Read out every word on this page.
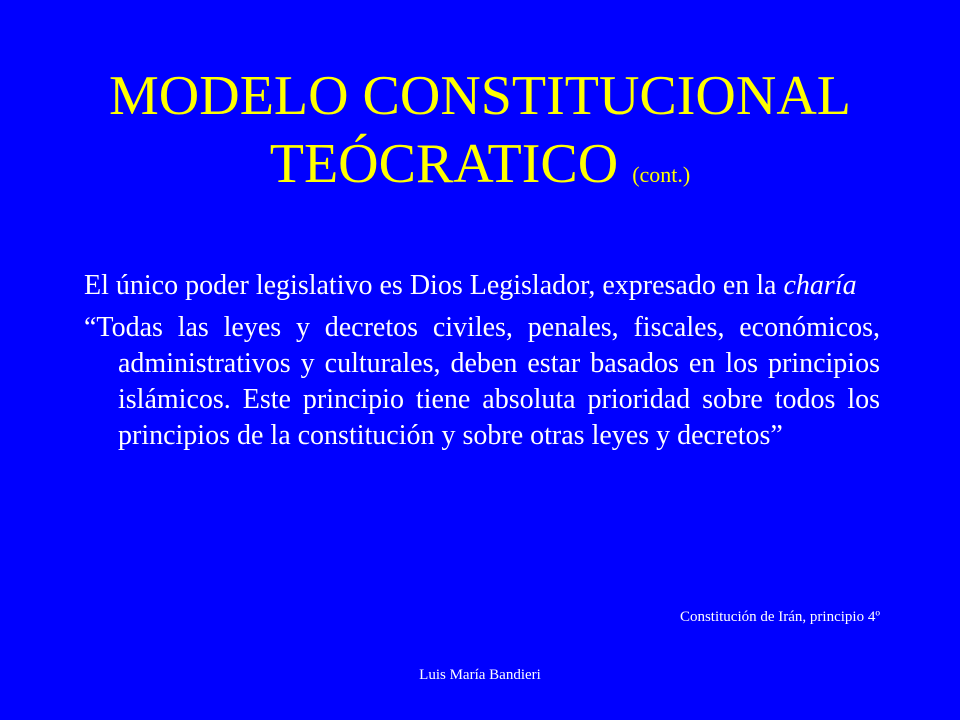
MODELO CONSTITUCIONAL
TEÓCRATICO (cont.)

El único poder legislativo es Dios Legislador, expresado en la charía

“Todas las leyes y decretos civiles, penales, fiscales, económicos, administrativos y culturales, deben estar basados en los principios islámicos. Este principio tiene absoluta prioridad sobre todos los principios de la constitución y sobre otras leyes y decretos”

Constitución de Irán, principio 4º
Luis María Bandieri
